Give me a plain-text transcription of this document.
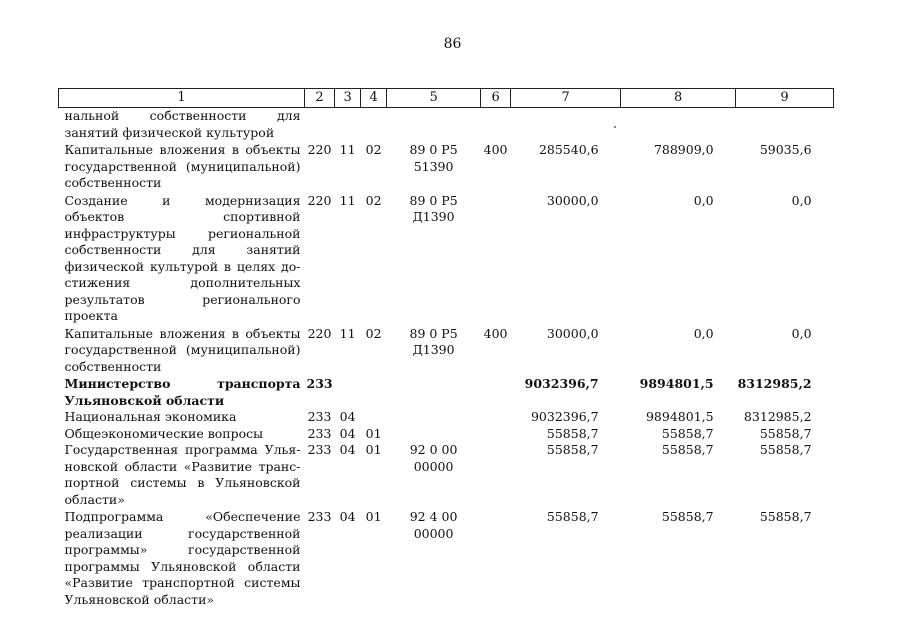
86
1	2	3	4	5	6	7	8	9
нальной собственности для занятий физической культурой								
Капитальные вложения в объекты государственной (муниципальной) собственности	220	11	02	89 0 Р5 51390	400	285540,6	788909,0	59035,6
Создание и модернизация объектов спортивной инфраструктуры региональной собственности для занятий физической культурой в целях достижения дополнительных результатов регионального проекта	220	11	02	89 0 Р5 Д1390		30000,0	0,0	0,0
Капитальные вложения в объекты государственной (муниципальной) собственности	220	11	02	89 0 Р5 Д1390	400	30000,0	0,0	0,0
Министерство транспорта Ульяновской области	233					9032396,7	9894801,5	8312985,2
Национальная экономика	233	04				9032396,7	9894801,5	8312985,2
Общеэкономические вопросы	233	04	01			55858,7	55858,7	55858,7
Государственная программа Ульяновской области «Развитие транспортной системы в Ульяновской области»	233	04	01	92 0 00 00000		55858,7	55858,7	55858,7
Подпрограмма «Обеспечение реализации государственной программы» государственной программы Ульяновской области «Развитие транспортной системы Ульяновской области»	233	04	01	92 4 00 00000		55858,7	55858,7	55858,7
